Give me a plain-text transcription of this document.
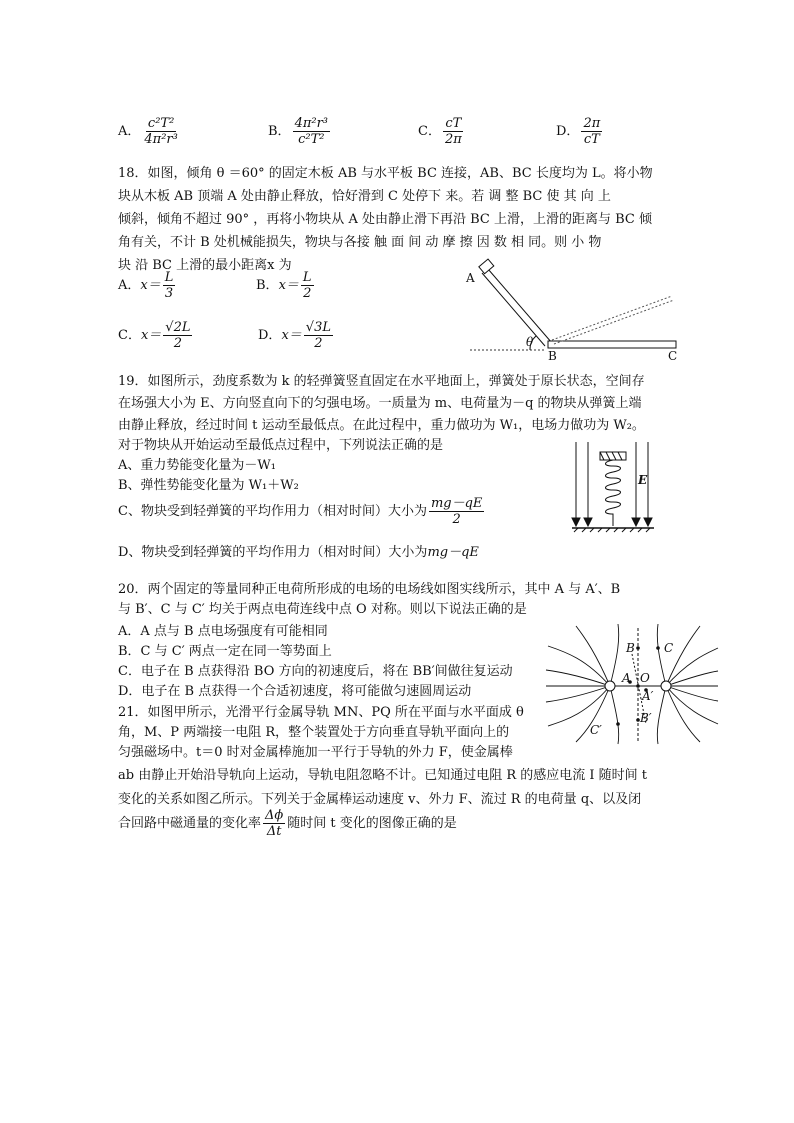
A． $\frac{\text{c²T²}}{\text{4π²r³}}$	B． $\frac{\text{4π²r³}}{\text{c²T²}}$	C． $\frac{cT}{2\pi}$	D． $\frac{2\pi}{cT}$
18．如图，倾角 θ ＝60° 的固定木板 AB 与水平板 BC 连接，AB、BC 长度均为 L。将小物
块从木板 AB 顶端 A 处由静止释放，恰好滑到 C 处停下 来。若 调 整 BC 使 其 向 上
倾斜，倾角不超过 90° ，再将小物块从 A 处由静止滑下再沿 BC 上滑，上滑的距离与 BC 倾
角有关，不计 B 处机械能损失，物块与各接 触 面 间 动 摩 擦 因 数 相 同。则 小 物
块 沿 BC 上滑的最小距离x 为
A．$x= \frac{L}{3}$	B．$x= \frac{L}{2}$
C．$x= \frac{√2L}{2}$	D．$x= \frac{√3L}{2}$
A
θ
B	C
19．如图所示，劲度系数为 k 的轻弹簧竖直固定在水平地面上，弹簧处于原长状态，空间存
在场强大小为 E、方向竖直向下的匀强电场。一质量为 m、电荷量为－q 的物块从弹簧上端
由静止释放，经过时间 t 运动至最低点。在此过程中，重力做功为 W₁，电场力做功为 W₂。
对于物块从开始运动至最低点过程中，下列说法正确的是
A、重力势能变化量为－W₁
B、弹性势能变化量为 W₁＋W₂
C、物块受到轻弹簧的平均作用力（相对时间）大小为 $\frac{mg-qE}{2}$
D、物块受到轻弹簧的平均作用力（相对时间）大小为mg－qE
E
20．两个固定的等量同种正电荷所形成的电场的电场线如图实线所示，其中 A 与 A′、B
与 B′、C 与 C′ 均关于两点电荷连线中点 O 对称。则以下说法正确的是
A．A 点与 B 点电场强度有可能相同
B．C 与 C′ 两点一定在同一等势面上
C．电子在 B 点获得沿 BO 方向的初速度后，将在 BB′间做往复运动
D．电子在 B 点获得一个合适初速度，将可能做匀速圆周运动
B C
A O
A′
B′
C′
21．如图甲所示，光滑平行金属导轨 MN、PQ 所在平面与水平面成 θ
角，M、P 两端接一电阻 R，整个装置处于方向垂直导轨平面向上的
匀强磁场中。t＝0 时对金属棒施加一平行于导轨的外力 F，使金属棒
ab 由静止开始沿导轨向上运动，导轨电阻忽略不计。已知通过电阻 R 的感应电流 I 随时间 t
变化的关系如图乙所示。下列关于金属棒运动速度 v、外力 F、流过 R 的电荷量 q、以及闭
合回路中磁通量的变化率 $\frac{\Delta\phi}{\Delta t}$ 随时间 t 变化的图像正确的是
